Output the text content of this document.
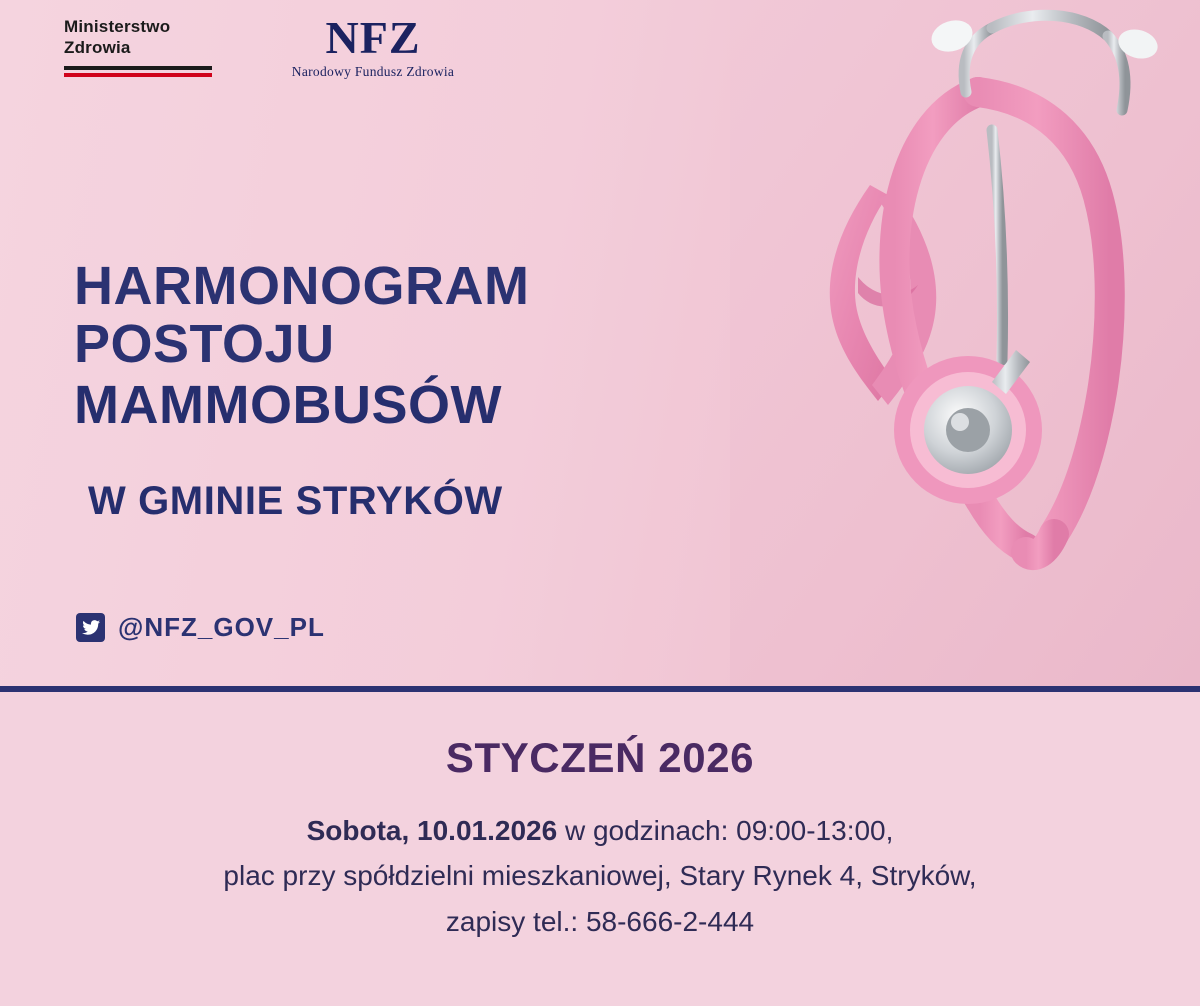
Ministerstwo
Zdrowia	NFZ
Narodowy Fundusz Zdrowia
HARMONOGRAM
POSTOJU
MAMMOBUSÓW
W GMINIE STRYKÓW
@NFZ_GOV_PL
STYCZEŃ 2026
Sobota, 10.01.2026 w godzinach: 09:00-13:00,
plac przy spółdzielni mieszkaniowej, Stary Rynek 4, Stryków,
zapisy tel.: 58-666-2-444
